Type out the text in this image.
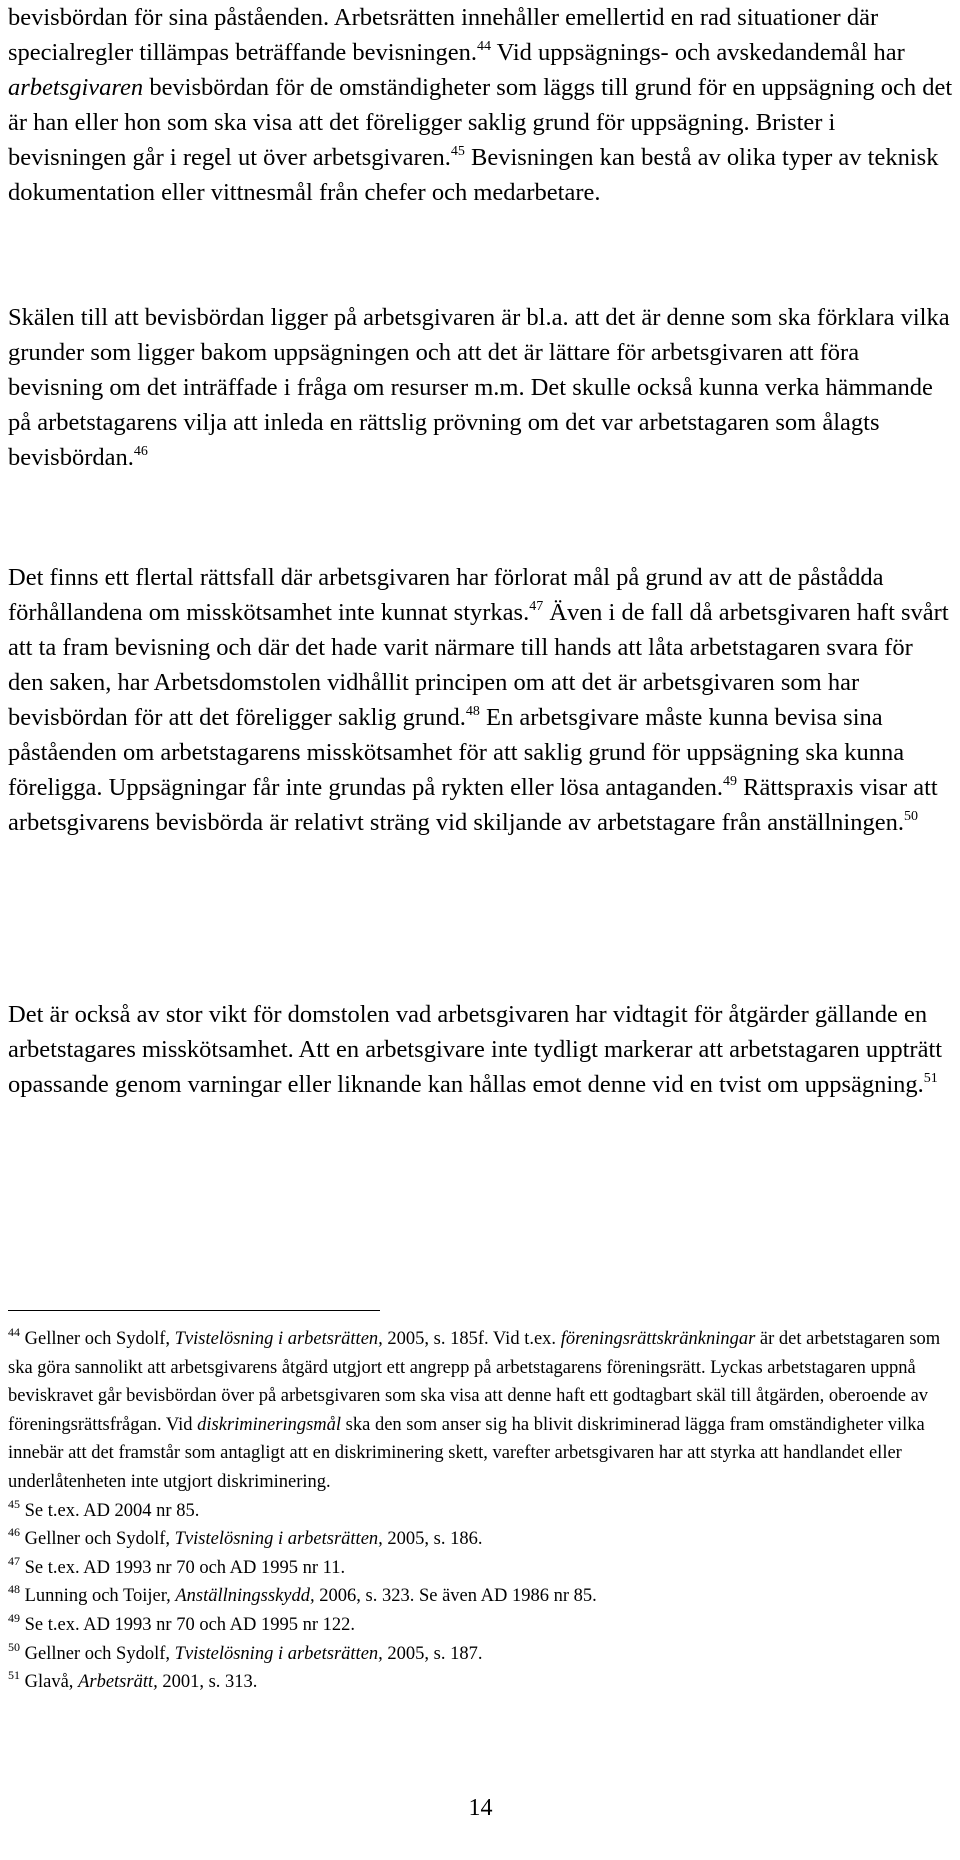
bevisbördan för sina påståenden. Arbetsrätten innehåller emellertid en rad situationer där specialregler tillämpas beträffande bevisningen.$^{44}$ Vid uppsägnings- och avskedandemål har arbetsgivaren bevisbördan för de omständigheter som läggs till grund för en uppsägning och det är han eller hon som ska visa att det föreligger saklig grund för uppsägning. Brister i bevisningen går i regel ut över arbetsgivaren.$^{45}$ Bevisningen kan bestå av olika typer av teknisk dokumentation eller vittnesmål från chefer och medarbetare.

Skälen till att bevisbördan ligger på arbetsgivaren är bl.a. att det är denne som ska förklara vilka grunder som ligger bakom uppsägningen och att det är lättare för arbetsgivaren att föra bevisning om det inträffade i fråga om resurser m.m. Det skulle också kunna verka hämmande på arbetstagarens vilja att inleda en rättslig prövning om det var arbetstagaren som ålagts bevisbördan.$^{46}$

Det finns ett flertal rättsfall där arbetsgivaren har förlorat mål på grund av att de påstådda förhållandena om misskötsamhet inte kunnat styrkas.$^{47}$ Även i de fall då arbetsgivaren haft svårt att ta fram bevisning och där det hade varit närmare till hands att låta arbetstagaren svara för den saken, har Arbetsdomstolen vidhållit principen om att det är arbetsgivaren som har bevisbördan för att det föreligger saklig grund.$^{48}$ En arbetsgivare måste kunna bevisa sina påståenden om arbetstagarens misskötsamhet för att saklig grund för uppsägning ska kunna föreligga. Uppsägningar får inte grundas på rykten eller lösa antaganden.$^{49}$ Rättspraxis visar att arbetsgivarens bevisbörda är relativt sträng vid skiljande av arbetstagare från anställningen.$^{50}$

Det är också av stor vikt för domstolen vad arbetsgivaren har vidtagit för åtgärder gällande en arbetstagares misskötsamhet. Att en arbetsgivare inte tydligt markerar att arbetstagaren uppträtt opassande genom varningar eller liknande kan hållas emot denne vid en tvist om uppsägning.$^{51}$

$^{44}$ Gellner och Sydolf, Tvistelösning i arbetsrätten, 2005, s. 185f. Vid t.ex. föreningsrättskränkningar är det arbetstagaren som ska göra sannolikt att arbetsgivarens åtgärd utgjort ett angrepp på arbetstagarens föreningsrätt. Lyckas arbetstagaren uppnå beviskravet går bevisbördan över på arbetsgivaren som ska visa att denne haft ett godtagbart skäl till åtgärden, oberoende av föreningsrättsfrågan. Vid diskrimineringsmål ska den som anser sig ha blivit diskriminerad lägga fram omständigheter vilka innebär att det framstår som antagligt att en diskriminering skett, varefter arbetsgivaren har att styrka att handlandet eller underlåtenheten inte utgjort diskriminering.

$^{45}$ Se t.ex. AD 2004 nr 85.

$^{46}$ Gellner och Sydolf, Tvistelösning i arbetsrätten, 2005, s. 186.

$^{47}$ Se t.ex. AD 1993 nr 70 och AD 1995 nr 11.

$^{48}$ Lunning och Toijer, Anställningsskydd, 2006, s. 323. Se även AD 1986 nr 85.

$^{49}$ Se t.ex. AD 1993 nr 70 och AD 1995 nr 122.

$^{50}$ Gellner och Sydolf, Tvistelösning i arbetsrätten, 2005, s. 187.

$^{51}$ Glavå, Arbetsrätt, 2001, s. 313.

14
